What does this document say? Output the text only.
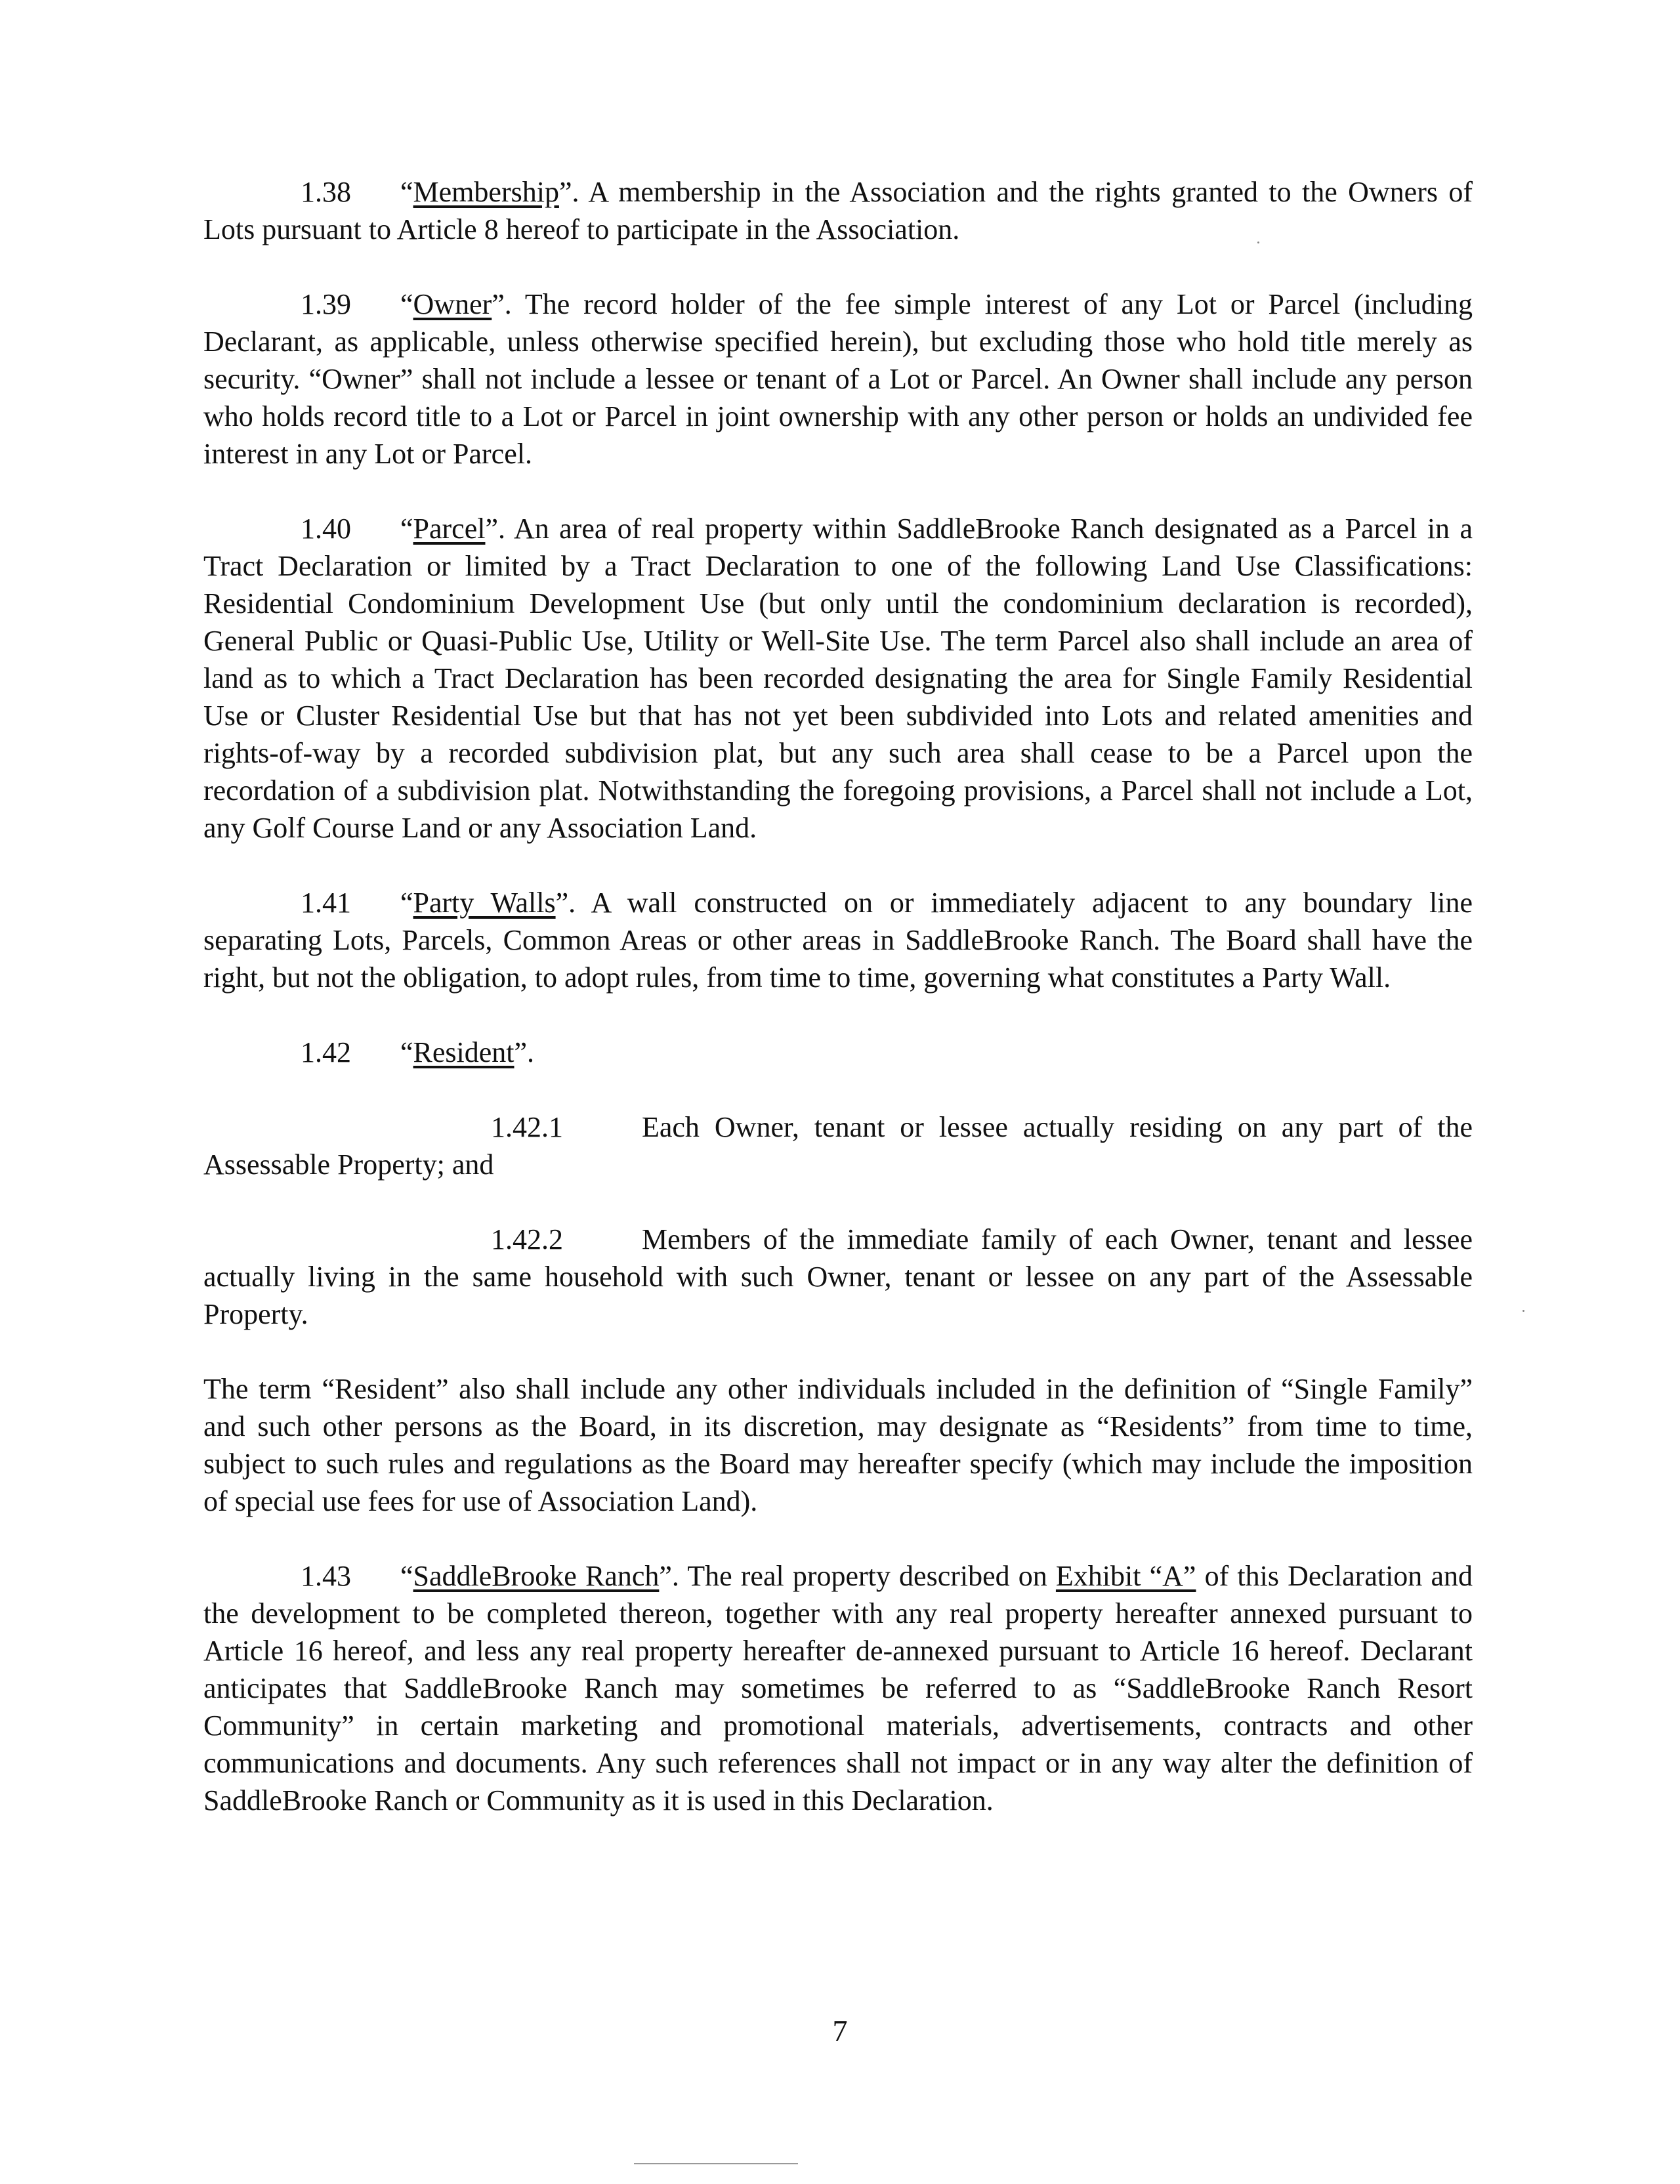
1.38 “Membership”. A membership in the Association and the rights granted to the Owners of Lots pursuant to Article 8 hereof to participate in the Association.

1.39 “Owner”. The record holder of the fee simple interest of any Lot or Parcel (including Declarant, as applicable, unless otherwise specified herein), but excluding those who hold title merely as security. “Owner” shall not include a lessee or tenant of a Lot or Parcel. An Owner shall include any person who holds record title to a Lot or Parcel in joint ownership with any other person or holds an undivided fee interest in any Lot or Parcel.

1.40 “Parcel”. An area of real property within SaddleBrooke Ranch designated as a Parcel in a Tract Declaration or limited by a Tract Declaration to one of the following Land Use Classifications: Residential Condominium Development Use (but only until the condominium declaration is recorded), General Public or Quasi-Public Use, Utility or Well-Site Use. The term Parcel also shall include an area of land as to which a Tract Declaration has been recorded designating the area for Single Family Residential Use or Cluster Residential Use but that has not yet been subdivided into Lots and related amenities and rights-of-way by a recorded subdivision plat, but any such area shall cease to be a Parcel upon the recordation of a subdivision plat. Notwithstanding the foregoing provisions, a Parcel shall not include a Lot, any Golf Course Land or any Association Land.

1.41 “Party Walls”. A wall constructed on or immediately adjacent to any boundary line separating Lots, Parcels, Common Areas or other areas in SaddleBrooke Ranch. The Board shall have the right, but not the obligation, to adopt rules, from time to time, governing what constitutes a Party Wall.

1.42 “Resident”.

1.42.1	Each Owner, tenant or lessee actually residing on any part of the Assessable Property; and

1.42.2	Members of the immediate family of each Owner, tenant and lessee actually living in the same household with such Owner, tenant or lessee on any part of the Assessable Property.

The term “Resident” also shall include any other individuals included in the definition of “Single Family” and such other persons as the Board, in its discretion, may designate as “Residents” from time to time, subject to such rules and regulations as the Board may hereafter specify (which may include the imposition of special use fees for use of Association Land).

1.43 “SaddleBrooke Ranch”. The real property described on Exhibit “A” of this Declaration and the development to be completed thereon, together with any real property hereafter annexed pursuant to Article 16 hereof, and less any real property hereafter de-annexed pursuant to Article 16 hereof. Declarant anticipates that SaddleBrooke Ranch may sometimes be referred to as “SaddleBrooke Ranch Resort Community” in certain marketing and promotional materials, advertisements, contracts and other communications and documents. Any such references shall not impact or in any way alter the definition of SaddleBrooke Ranch or Community as it is used in this Declaration.

7
